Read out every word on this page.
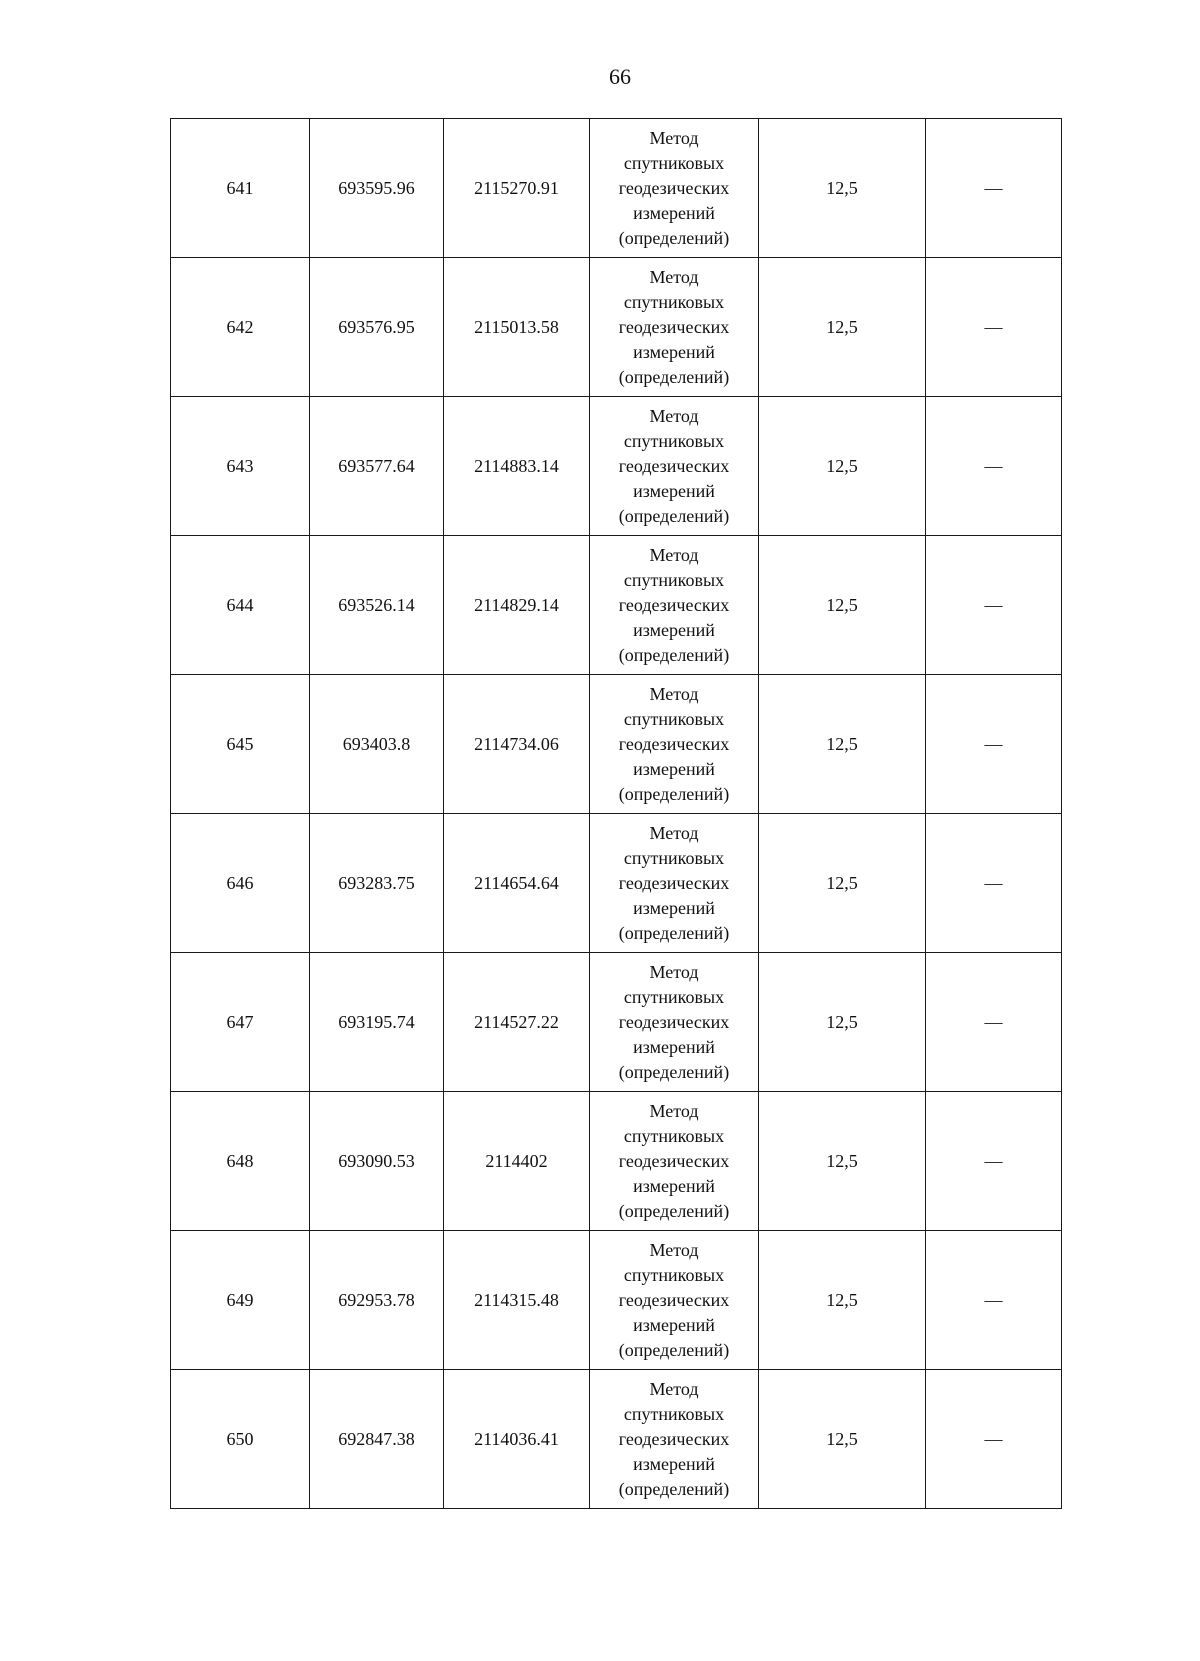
66
641	693595.96	2115270.91	Метод
спутниковых
геодезических
измерений
(определений)	12,5	—
642	693576.95	2115013.58	Метод
спутниковых
геодезических
измерений
(определений)	12,5	—
643	693577.64	2114883.14	Метод
спутниковых
геодезических
измерений
(определений)	12,5	—
644	693526.14	2114829.14	Метод
спутниковых
геодезических
измерений
(определений)	12,5	—
645	693403.8	2114734.06	Метод
спутниковых
геодезических
измерений
(определений)	12,5	—
646	693283.75	2114654.64	Метод
спутниковых
геодезических
измерений
(определений)	12,5	—
647	693195.74	2114527.22	Метод
спутниковых
геодезических
измерений
(определений)	12,5	—
648	693090.53	2114402	Метод
спутниковых
геодезических
измерений
(определений)	12,5	—
649	692953.78	2114315.48	Метод
спутниковых
геодезических
измерений
(определений)	12,5	—
650	692847.38	2114036.41	Метод
спутниковых
геодезических
измерений
(определений)	12,5	—
